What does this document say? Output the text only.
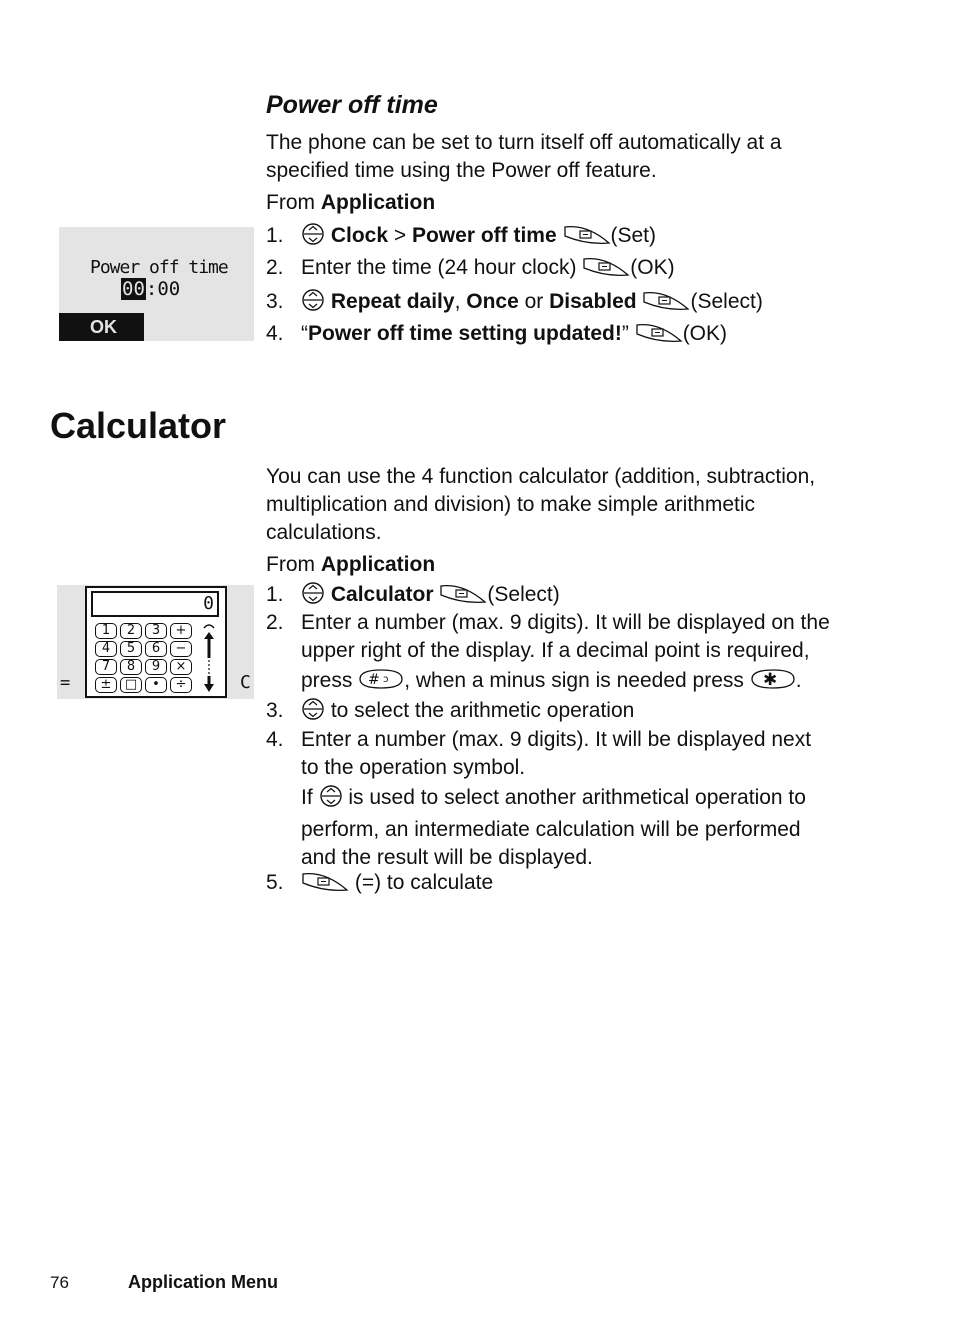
Power off time
The phone can be set to turn itself off automatically at a
specified time using the Power off feature.
From Application
Power off time
00:00
OK
1.	Clock > Power off time	(Set)
2. Enter the time (24 hour clock) (OK)
3.	Repeat daily, Once or Disabled	(Select)
4. “Power off time setting updated!”	(OK)
Calculator
You can use the 4 function calculator (addition, subtraction,
multiplication and division) to make simple arithmetic
calculations.
From Application
0
1	2	3	+
4	5	6	−
7	8	9	×
±	□	•	÷
=	C
1.	Calculator	(Select)
2. Enter a number (max. 9 digits). It will be displayed on the
upper right of the display. If a decimal point is required,
press # ↄ , when a minus sign is needed press ✱ .
3.	to select the arithmetic operation
4. Enter a number (max. 9 digits). It will be displayed next
to the operation symbol.
If  is used to select another arithmetical operation to
perform, an intermediate calculation will be performed
and the result will be displayed.
5.	(=) to calculate
76	Application Menu
